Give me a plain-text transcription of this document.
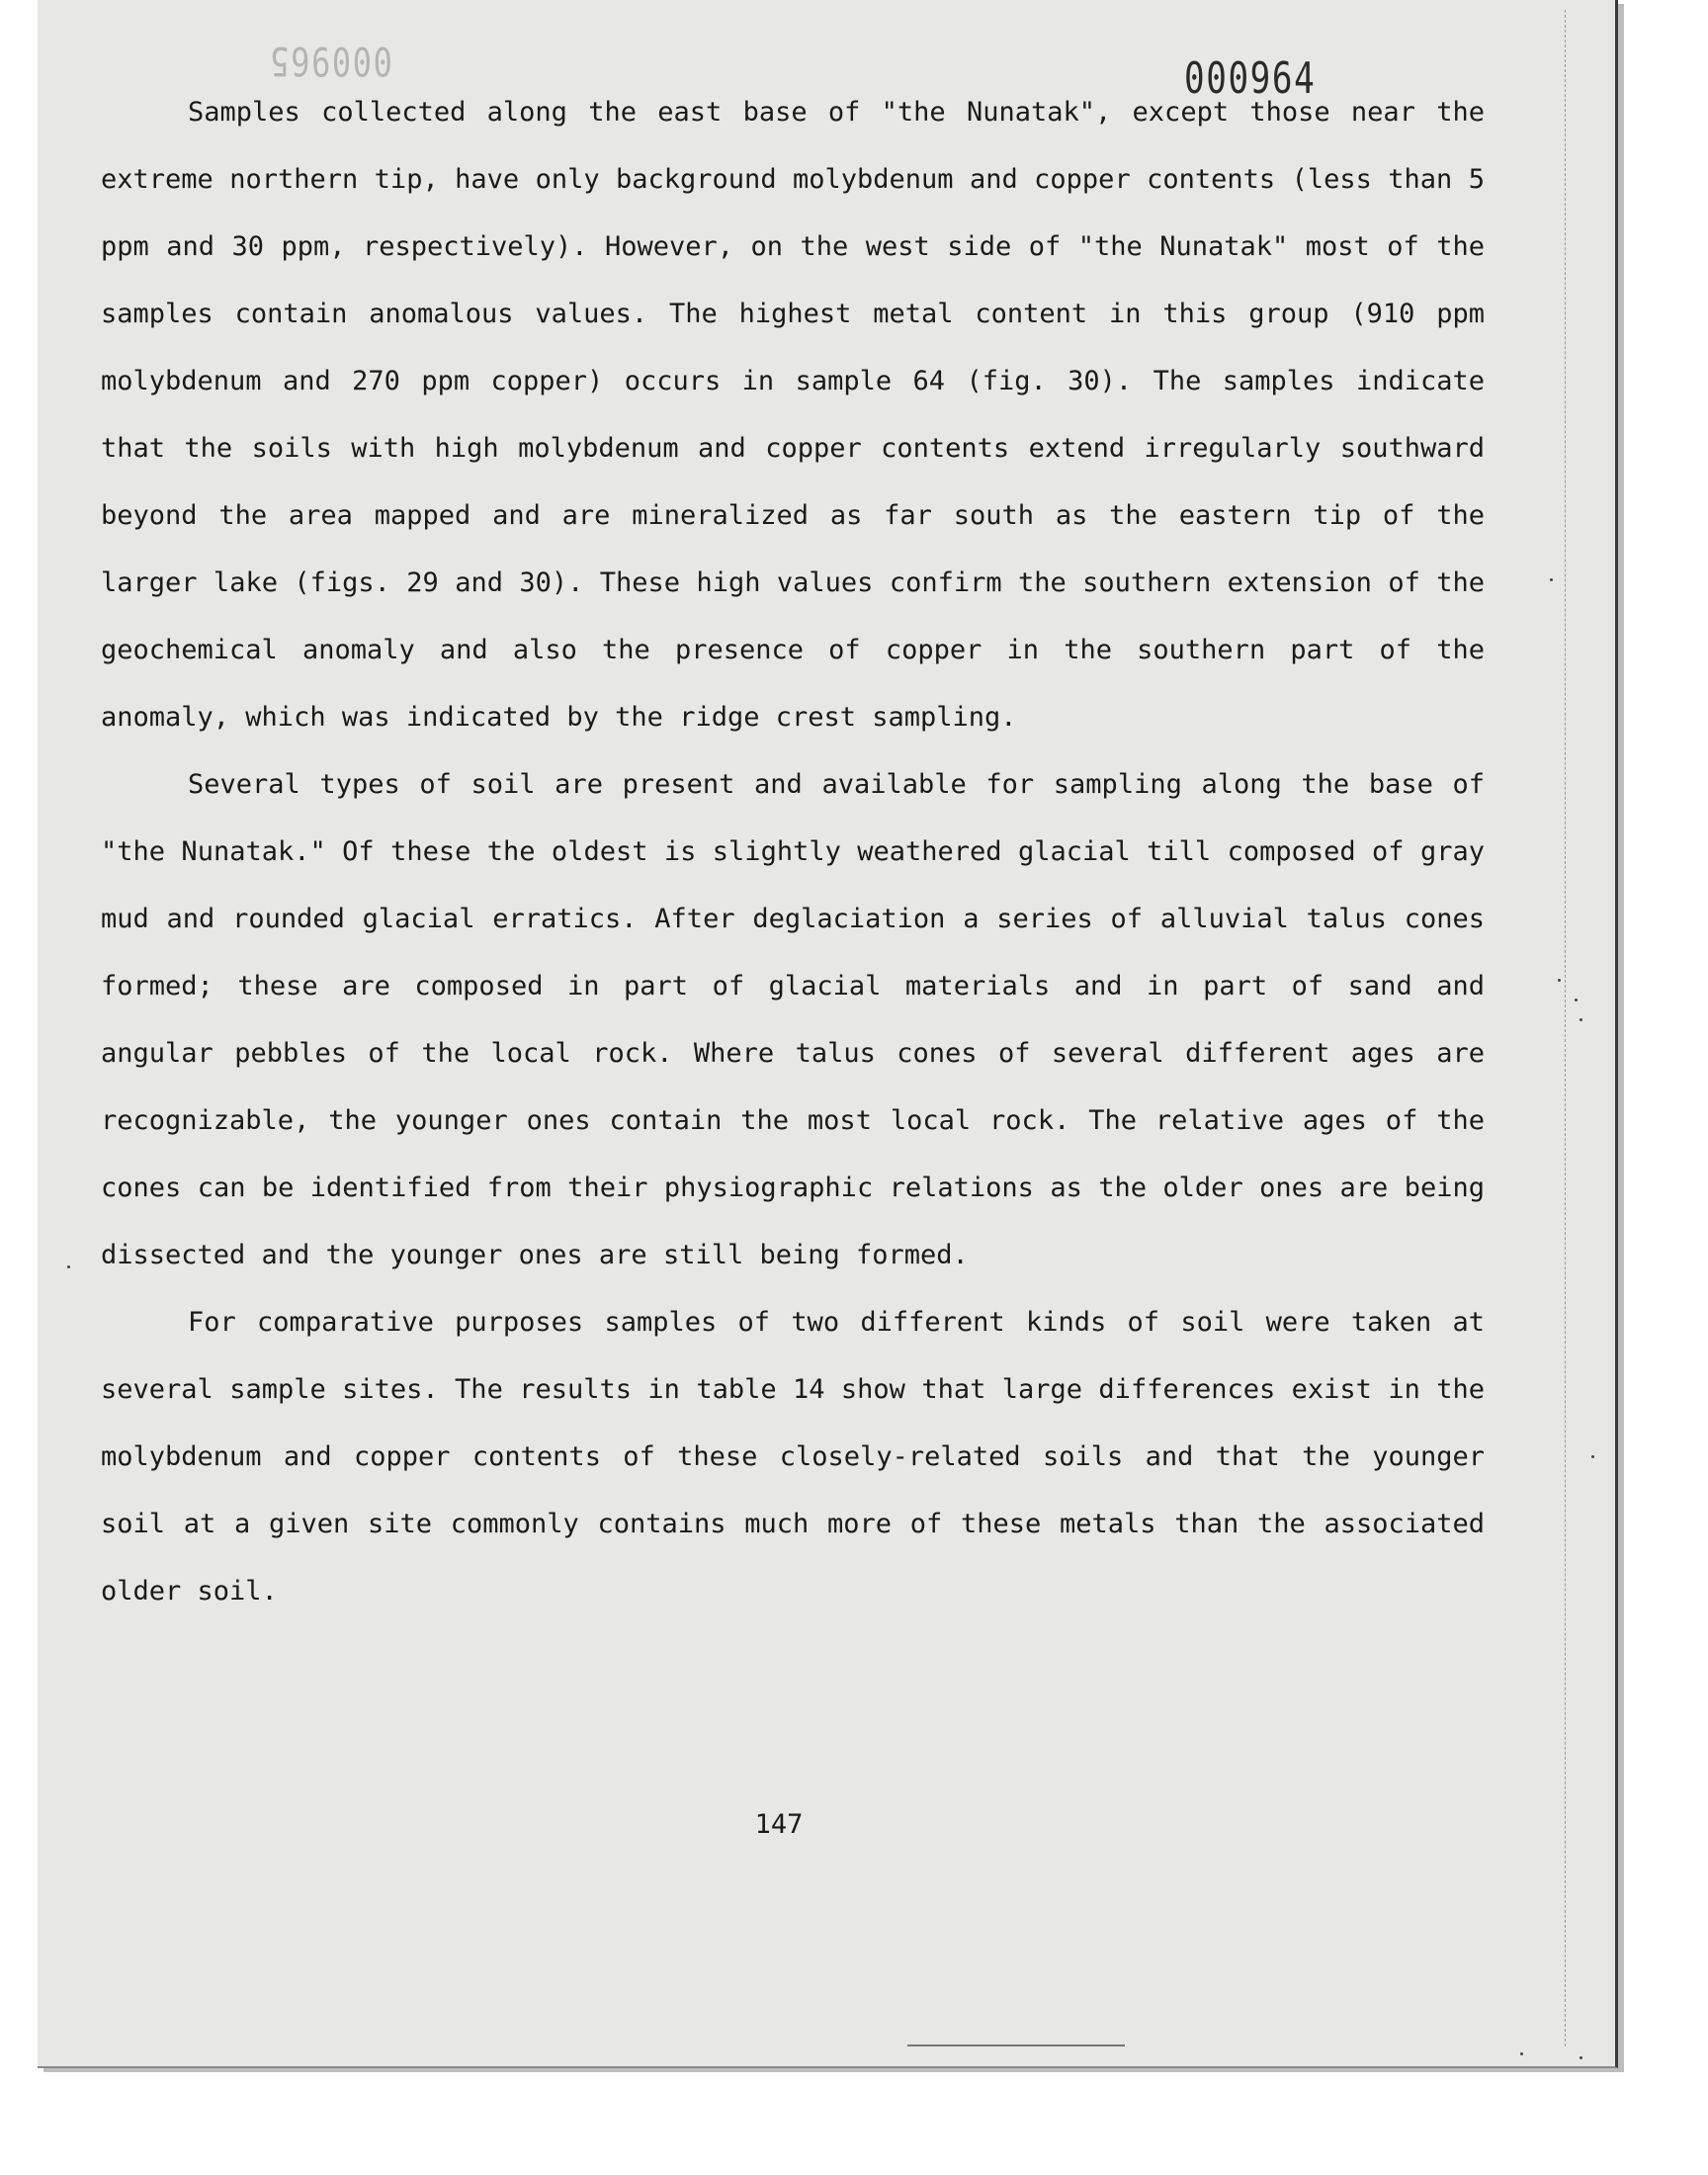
000965	000964

Samples collected along the east base of "the Nunatak", except those near the extreme northern tip, have only background molybdenum and copper contents (less than 5 ppm and 30 ppm, respectively). However, on the west side of "the Nunatak" most of the samples contain anomalous values. The highest metal content in this group (910 ppm molybdenum and 270 ppm copper) occurs in sample 64 (fig. 30). The samples indicate that the soils with high molybdenum and copper contents extend irregularly southward beyond the area mapped and are mineralized as far south as the eastern tip of the larger lake (figs. 29 and 30). These high values confirm the southern extension of the geochemical anomaly and also the presence of copper in the southern part of the anomaly, which was indicated by the ridge crest sampling.

Several types of soil are present and available for sampling along the base of "the Nunatak." Of these the oldest is slightly weathered glacial till composed of gray mud and rounded glacial erratics. After deglaciation a series of alluvial talus cones formed; these are composed in part of glacial materials and in part of sand and angular pebbles of the local rock. Where talus cones of several different ages are recognizable, the younger ones contain the most local rock. The relative ages of the cones can be identified from their physiographic relations as the older ones are being dissected and the younger ones are still being formed.

For comparative purposes samples of two different kinds of soil were taken at several sample sites. The results in table 14 show that large differences exist in the molybdenum and copper contents of these closely-related soils and that the younger soil at a given site commonly contains much more of these metals than the associated older soil.

147
